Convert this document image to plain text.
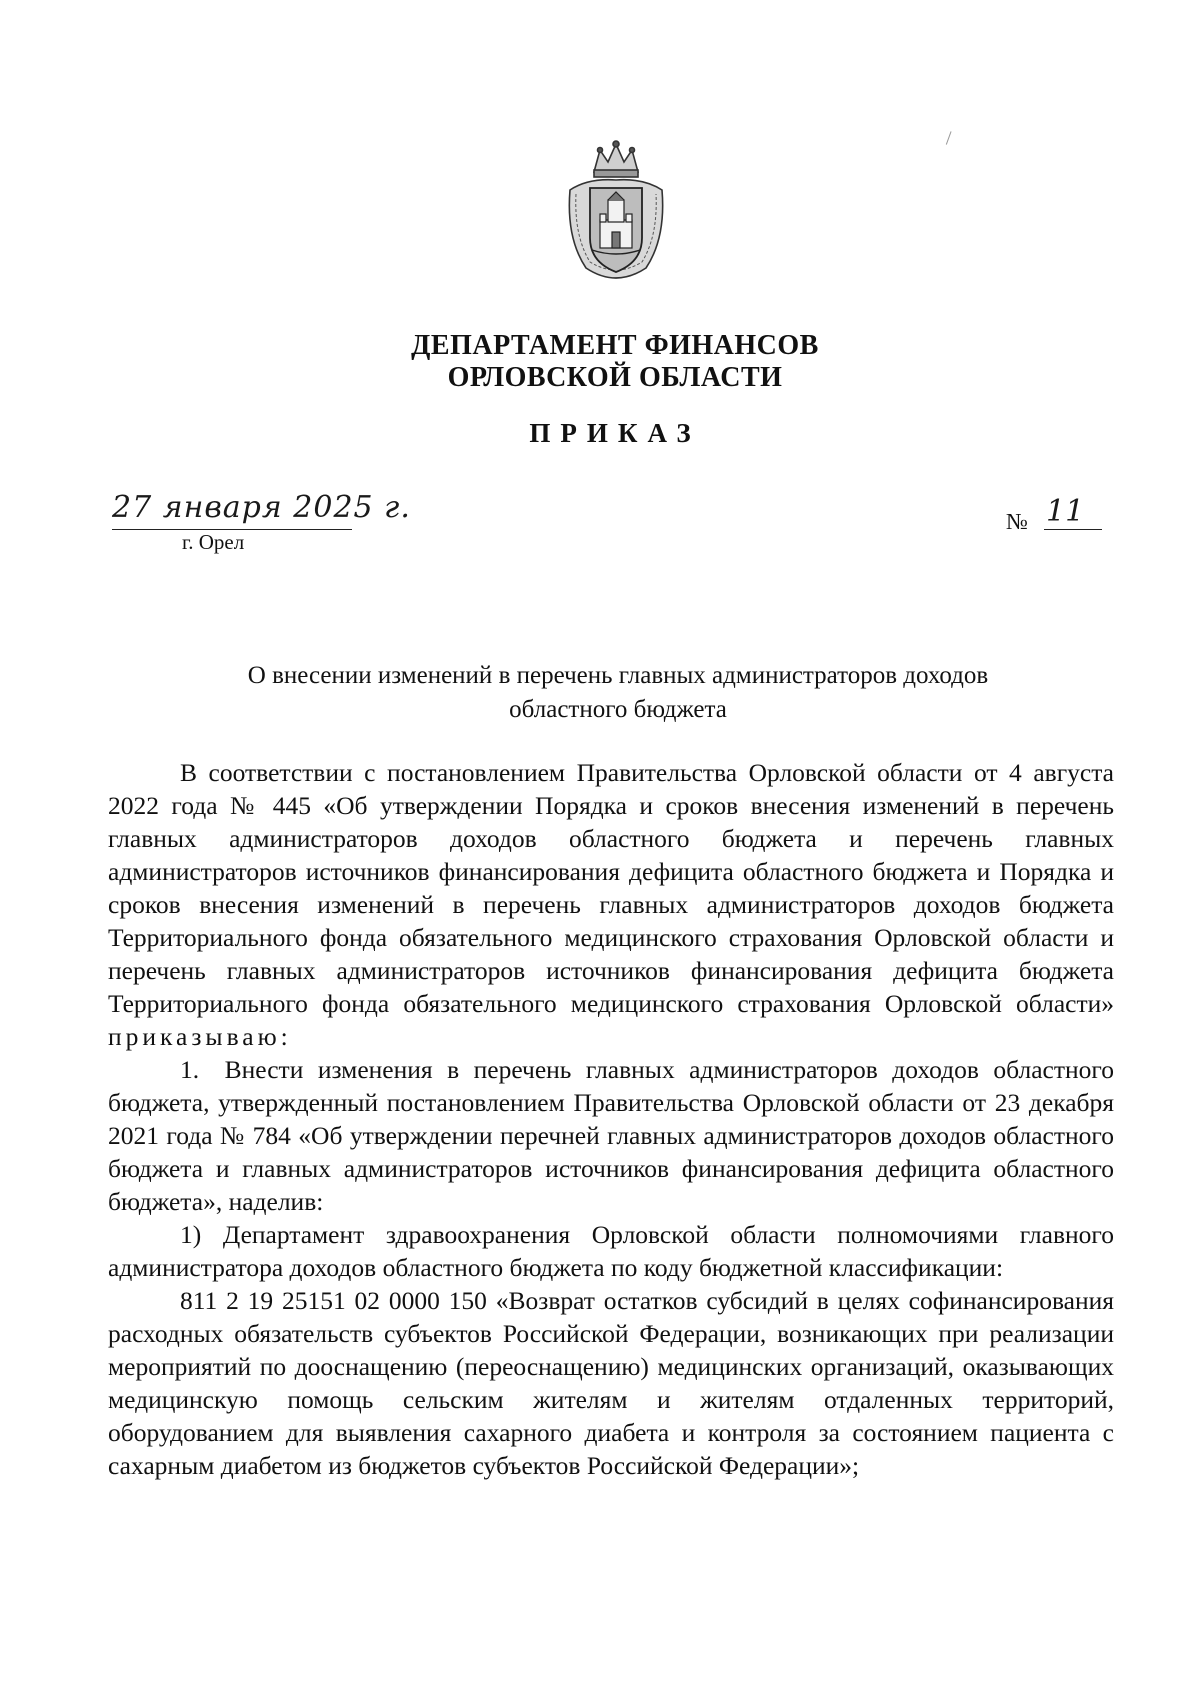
ДЕПАРТАМЕНТ ФИНАНСОВ
ОРЛОВСКОЙ ОБЛАСТИ
ПРИКАЗ
27 января 2025 г.
г. Орел
№ 11
О внесении изменений в перечень главных администраторов доходов
областного бюджета

В соответствии с постановлением Правительства Орловской области от 4 августа 2022 года № 445 «Об утверждении Порядка и сроков внесения изменений в перечень главных администраторов доходов областного бюджета и перечень главных администраторов источников финансирования дефицита областного бюджета и Порядка и сроков внесения изменений в перечень главных администраторов доходов бюджета Территориального фонда обязательного медицинского страхования Орловской области и перечень главных администраторов источников финансирования дефицита бюджета Территориального фонда обязательного медицинского страхования Орловской области» приказываю:

1. Внести изменения в перечень главных администраторов доходов областного бюджета, утвержденный постановлением Правительства Орловской области от 23 декабря 2021 года № 784 «Об утверждении перечней главных администраторов доходов областного бюджета и главных администраторов источников финансирования дефицита областного бюджета», наделив:

1) Департамент здравоохранения Орловской области полномочиями главного администратора доходов областного бюджета по коду бюджетной классификации:

811 2 19 25151 02 0000 150 «Возврат остатков субсидий в целях софинансирования расходных обязательств субъектов Российской Федерации, возникающих при реализации мероприятий по дооснащению (переоснащению) медицинских организаций, оказывающих медицинскую помощь сельским жителям и жителям отдаленных территорий, оборудованием для выявления сахарного диабета и контроля за состоянием пациента с сахарным диабетом из бюджетов субъектов Российской Федерации»;
